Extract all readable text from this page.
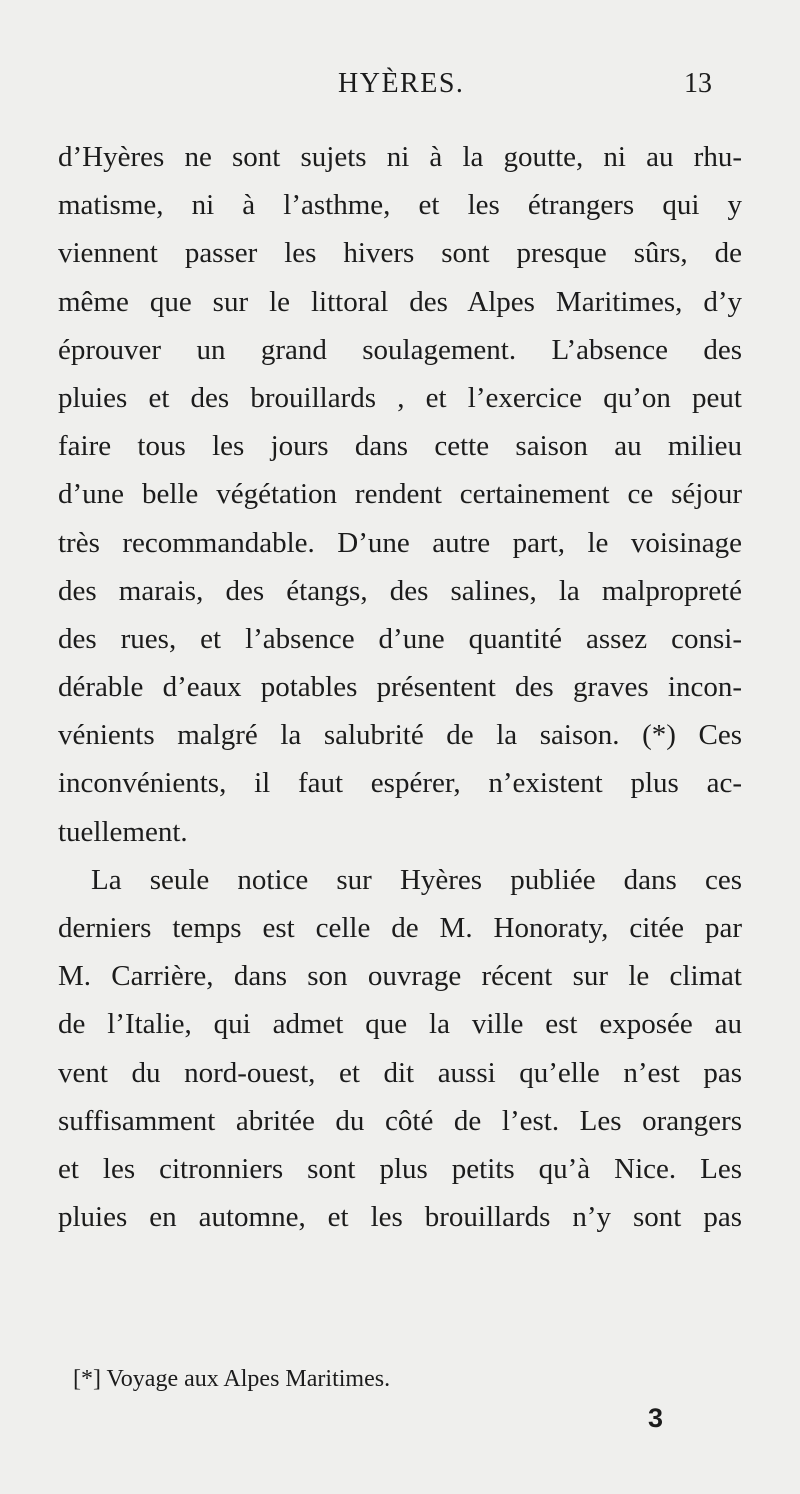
HYÈRES.	13
d’Hyères ne sont sujets ni à la goutte, ni au rhu-
matisme, ni à l’asthme, et les étrangers qui y
viennent passer les hivers sont presque sûrs, de
même que sur le littoral des Alpes Maritimes, d’y
éprouver un grand soulagement. L’absence des
pluies et des brouillards , et l’exercice qu’on peut
faire tous les jours dans cette saison au milieu
d’une belle végétation rendent certainement ce séjour
très recommandable. D’une autre part, le voisinage
des marais, des étangs, des salines, la malpropreté
des rues, et l’absence d’une quantité assez consi-
dérable d’eaux potables présentent des graves incon-
vénients malgré la salubrité de la saison. (*) Ces
inconvénients, il faut espérer, n’existent plus ac-
tuellement.
La seule notice sur Hyères publiée dans ces
derniers temps est celle de M. Honoraty, citée par
M. Carrière, dans son ouvrage récent sur le climat
de l’Italie, qui admet que la ville est exposée au
vent du nord-ouest, et dit aussi qu’elle n’est pas
suffisamment abritée du côté de l’est. Les orangers
et les citronniers sont plus petits qu’à Nice. Les
pluies en automne, et les brouillards n’y sont pas
[*] Voyage aux Alpes Maritimes.
3
